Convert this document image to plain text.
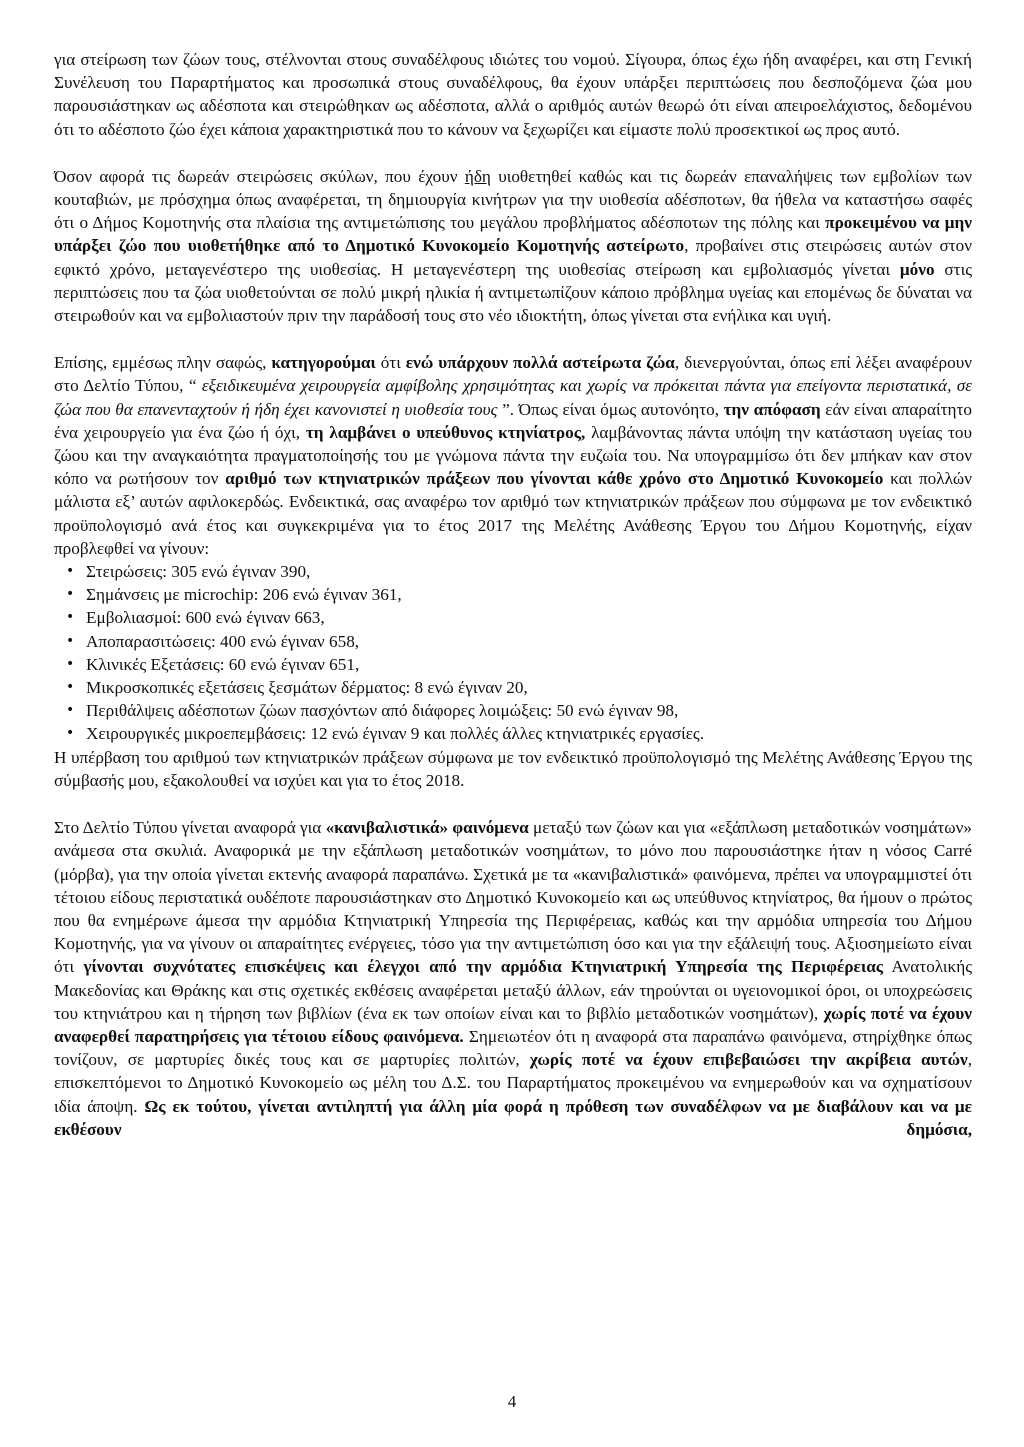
για στείρωση των ζώων τους, στέλνονται στους συναδέλφους ιδιώτες του νομού. Σίγουρα, όπως έχω ήδη αναφέρει, και στη Γενική Συνέλευση του Παραρτήματος και προσωπικά στους συναδέλφους, θα έχουν υπάρξει περιπτώσεις που δεσποζόμενα ζώα μου παρουσιάστηκαν ως αδέσποτα και στειρώθηκαν ως αδέσποτα, αλλά ο αριθμός αυτών θεωρώ ότι είναι απειροελάχιστος, δεδομένου ότι το αδέσποτο ζώο έχει κάποια χαρακτηριστικά που το κάνουν να ξεχωρίζει και είμαστε πολύ προσεκτικοί ως προς αυτό.

Όσον αφορά τις δωρεάν στειρώσεις σκύλων, που έχουν ήδη υιοθετηθεί καθώς και τις δωρεάν επαναλήψεις των εμβολίων των κουταβιών, με πρόσχημα όπως αναφέρεται, τη δημιουργία κινήτρων για την υιοθεσία αδέσποτων, θα ήθελα να καταστήσω σαφές ότι ο Δήμος Κομοτηνής στα πλαίσια της αντιμετώπισης του μεγάλου προβλήματος αδέσποτων της πόλης και προκειμένου να μην υπάρξει ζώο που υιοθετήθηκε από το Δημοτικό Κυνοκομείο Κομοτηνής αστείρωτο, προβαίνει στις στειρώσεις αυτών στον εφικτό χρόνο, μεταγενέστερο της υιοθεσίας. Η μεταγενέστερη της υιοθεσίας στείρωση και εμβολιασμός γίνεται μόνο στις περιπτώσεις που τα ζώα υιοθετούνται σε πολύ μικρή ηλικία ή αντιμετωπίζουν κάποιο πρόβλημα υγείας και επομένως δε δύναται να στειρωθούν και να εμβολιαστούν πριν την παράδοσή τους στο νέο ιδιοκτήτη, όπως γίνεται στα ενήλικα και υγιή.

Επίσης, εμμέσως πλην σαφώς, κατηγορούμαι ότι ενώ υπάρχουν πολλά αστείρωτα ζώα, διενεργούνται, όπως επί λέξει αναφέρουν στο Δελτίο Τύπου, “ εξειδικευμένα χειρουργεία αμφίβολης χρησιμότητας και χωρίς να πρόκειται πάντα για επείγοντα περιστατικά, σε ζώα που θα επανενταχτούν ή ήδη έχει κανονιστεί η υιοθεσία τους ”. Όπως είναι όμως αυτονόητο, την απόφαση εάν είναι απαραίτητο ένα χειρουργείο για ένα ζώο ή όχι, τη λαμβάνει ο υπεύθυνος κτηνίατρος, λαμβάνοντας πάντα υπόψη την κατάσταση υγείας του ζώου και την αναγκαιότητα πραγματοποίησής του με γνώμονα πάντα την ευζωία του. Να υπογραμμίσω ότι δεν μπήκαν καν στον κόπο να ρωτήσουν τον αριθμό των κτηνιατρικών πράξεων που γίνονται κάθε χρόνο στο Δημοτικό Κυνοκομείο και πολλών μάλιστα εξ’ αυτών αφιλοκερδώς. Ενδεικτικά, σας αναφέρω τον αριθμό των κτηνιατρικών πράξεων που σύμφωνα με τον ενδεικτικό προϋπολογισμό ανά έτος και συγκεκριμένα για το έτος 2017 της Μελέτης Ανάθεσης Έργου του Δήμου Κομοτηνής, είχαν προβλεφθεί να γίνουν:

• Στειρώσεις: 305 ενώ έγιναν 390,
• Σημάνσεις με microchip: 206 ενώ έγιναν 361,
• Εμβολιασμοί: 600 ενώ έγιναν 663,
• Αποπαρασιτώσεις: 400 ενώ έγιναν 658,
• Κλινικές Εξετάσεις: 60 ενώ έγιναν 651,
• Μικροσκοπικές εξετάσεις ξεσμάτων δέρματος: 8 ενώ έγιναν 20,
• Περιθάλψεις αδέσποτων ζώων πασχόντων από διάφορες λοιμώξεις: 50 ενώ έγιναν 98,
• Χειρουργικές μικροεπεμβάσεις: 12 ενώ έγιναν 9 και πολλές άλλες κτηνιατρικές εργασίες.

Η υπέρβαση του αριθμού των κτηνιατρικών πράξεων σύμφωνα με τον ενδεικτικό προϋπολογισμό της Μελέτης Ανάθεσης Έργου της σύμβασής μου, εξακολουθεί να ισχύει και για το έτος 2018.

Στο Δελτίο Τύπου γίνεται αναφορά για «κανιβαλιστικά» φαινόμενα μεταξύ των ζώων και για «εξάπλωση μεταδοτικών νοσημάτων» ανάμεσα στα σκυλιά. Αναφορικά με την εξάπλωση μεταδοτικών νοσημάτων, το μόνο που παρουσιάστηκε ήταν η νόσος Carré (μόρβα), για την οποία γίνεται εκτενής αναφορά παραπάνω. Σχετικά με τα «κανιβαλιστικά» φαινόμενα, πρέπει να υπογραμμιστεί ότι τέτοιου είδους περιστατικά ουδέποτε παρουσιάστηκαν στο Δημοτικό Κυνοκομείο και ως υπεύθυνος κτηνίατρος, θα ήμουν ο πρώτος που θα ενημέρωνε άμεσα την αρμόδια Κτηνιατρική Υπηρεσία της Περιφέρειας, καθώς και την αρμόδια υπηρεσία του Δήμου Κομοτηνής, για να γίνουν οι απαραίτητες ενέργειες, τόσο για την αντιμετώπιση όσο και για την εξάλειψή τους. Αξιοσημείωτο είναι ότι γίνονται συχνότατες επισκέψεις και έλεγχοι από την αρμόδια Κτηνιατρική Υπηρεσία της Περιφέρειας Ανατολικής Μακεδονίας και Θράκης και στις σχετικές εκθέσεις αναφέρεται μεταξύ άλλων, εάν τηρούνται οι υγειονομικοί όροι, οι υποχρεώσεις του κτηνιάτρου και η τήρηση των βιβλίων (ένα εκ των οποίων είναι και το βιβλίο μεταδοτικών νοσημάτων), χωρίς ποτέ να έχουν αναφερθεί παρατηρήσεις για τέτοιου είδους φαινόμενα. Σημειωτέον ότι η αναφορά στα παραπάνω φαινόμενα, στηρίχθηκε όπως τονίζουν, σε μαρτυρίες δικές τους και σε μαρτυρίες πολιτών, χωρίς ποτέ να έχουν επιβεβαιώσει την ακρίβεια αυτών, επισκεπτόμενοι το Δημοτικό Κυνοκομείο ως μέλη του Δ.Σ. του Παραρτήματος προκειμένου να ενημερωθούν και να σχηματίσουν ιδία άποψη. Ως εκ τούτου, γίνεται αντιληπτή για άλλη μία φορά η πρόθεση των συναδέλφων να με διαβάλουν και να με εκθέσουν δημόσια,

4
